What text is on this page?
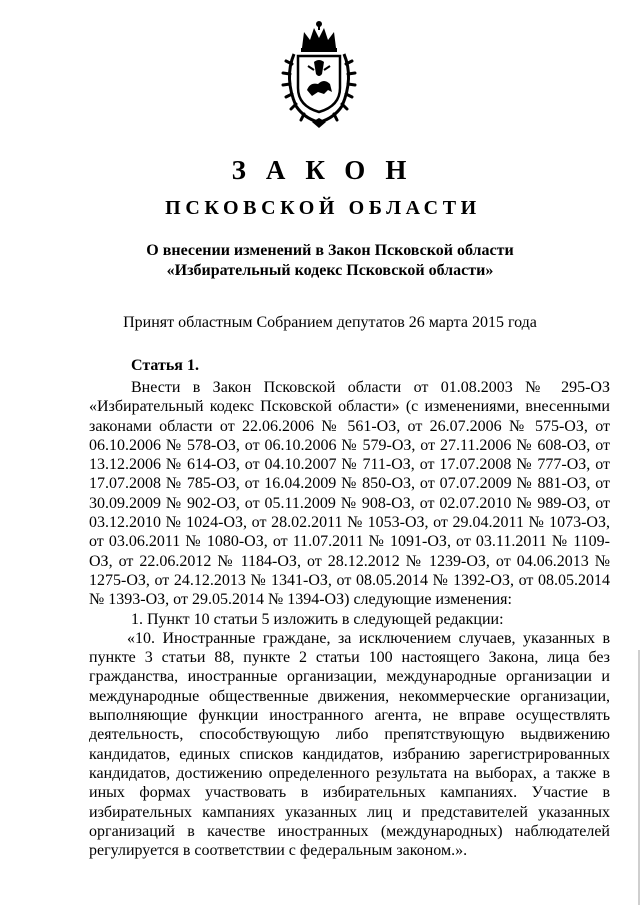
ЗАКОН
ПСКОВСКОЙ ОБЛАСТИ
О внесении изменений в Закон Псковской области
«Избирательный кодекс Псковской области»
Принят областным Собранием депутатов 26 марта 2015 года
Статья 1.

Внести в Закон Псковской области от 01.08.2003 № 295-ОЗ «Избирательный кодекс Псковской области» (с изменениями, внесенными законами области от 22.06.2006 № 561-ОЗ, от 26.07.2006 № 575-ОЗ, от 06.10.2006 № 578-ОЗ, от 06.10.2006 № 579-ОЗ, от 27.11.2006 № 608-ОЗ, от 13.12.2006 № 614-ОЗ, от 04.10.2007 № 711-ОЗ, от 17.07.2008 № 777-ОЗ, от 17.07.2008 № 785-ОЗ, от 16.04.2009 № 850-ОЗ, от 07.07.2009 № 881-ОЗ, от 30.09.2009 № 902-ОЗ, от 05.11.2009 № 908-ОЗ, от 02.07.2010 № 989-ОЗ, от 03.12.2010 № 1024-ОЗ, от 28.02.2011 № 1053-ОЗ, от 29.04.2011 № 1073-ОЗ, от 03.06.2011 № 1080-ОЗ, от 11.07.2011 № 1091-ОЗ, от 03.11.2011 № 1109-ОЗ, от 22.06.2012 № 1184-ОЗ, от 28.12.2012 № 1239-ОЗ, от 04.06.2013 № 1275-ОЗ, от 24.12.2013 № 1341-ОЗ, от 08.05.2014 № 1392-ОЗ, от 08.05.2014 № 1393-ОЗ, от 29.05.2014 № 1394-ОЗ) следующие изменения:

1. Пункт 10 статьи 5 изложить в следующей редакции:

«10. Иностранные граждане, за исключением случаев, указанных в пункте 3 статьи 88, пункте 2 статьи 100 настоящего Закона, лица без гражданства, иностранные организации, международные организации и международные общественные движения, некоммерческие организации, выполняющие функции иностранного агента, не вправе осуществлять деятельность, способствующую либо препятствующую выдвижению кандидатов, единых списков кандидатов, избранию зарегистрированных кандидатов, достижению определенного результата на выборах, а также в иных формах участвовать в избирательных кампаниях. Участие в избирательных кампаниях указанных лиц и представителей указанных организаций в качестве иностранных (международных) наблюдателей регулируется в соответствии с федеральным законом.».
